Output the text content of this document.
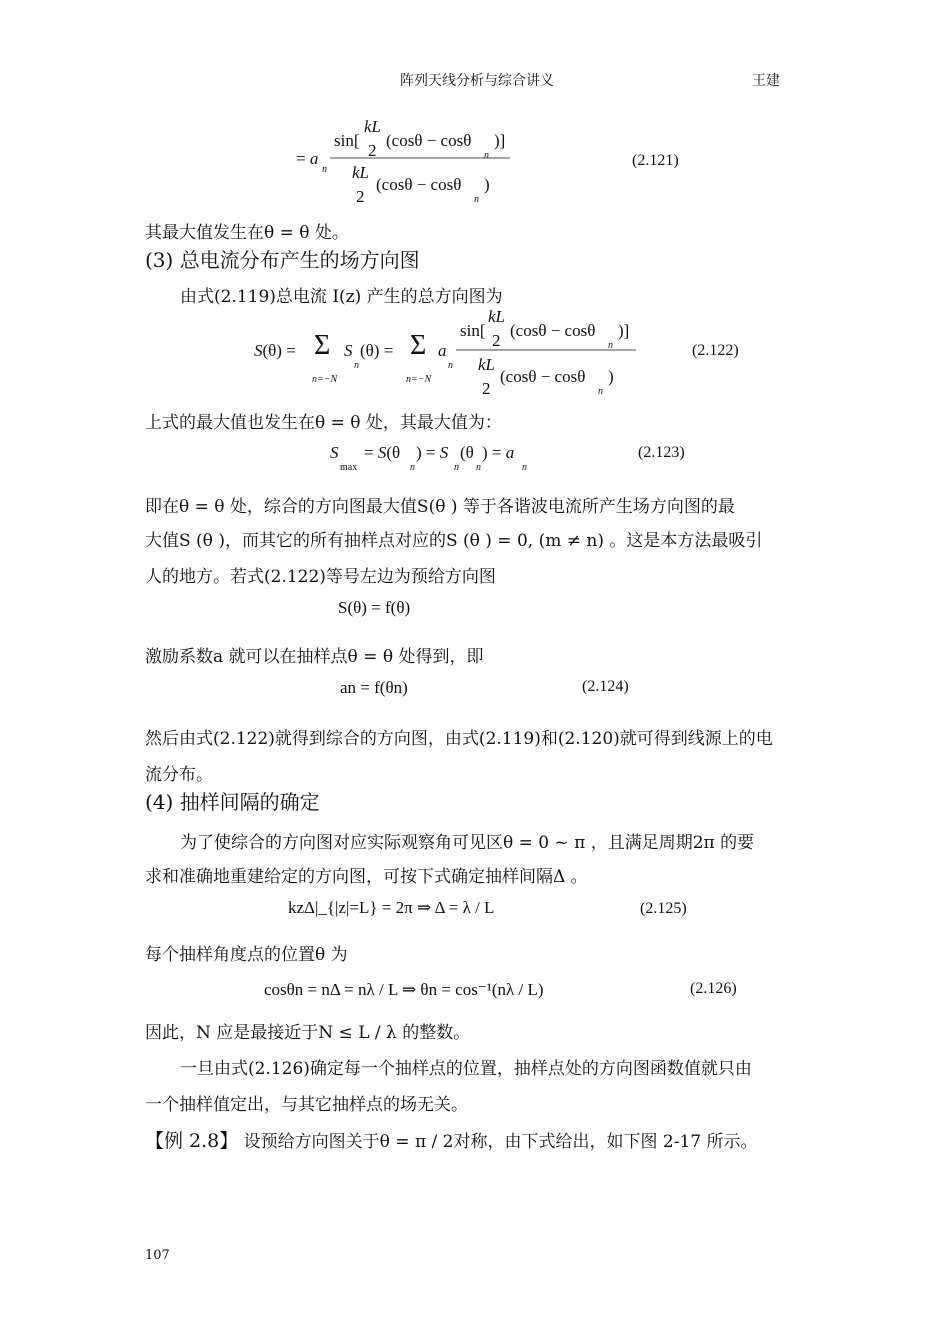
阵列天线分析与综合讲义	王建
= a
n
sin[
kL
2
(cosθ − cosθ
n
)]
kL
2
(cosθ − cosθ
n
)
(2.121)
其最大值发生在θ = θ 处。
(3) 总电流分布产生的场方向图
由式(2.119)总电流 I(z) 产生的总方向图为
S(θ) = Σ
n=−N
S
n
(θ) = Σ
n=−N
a
n
sin[
kL
2
(cosθ − cosθ
n
)]
kL
2
(cosθ − cosθ
n
)
(2.122)
上式的最大值也发生在θ = θ 处，其最大值为：
S
max
= S(θ
n
) = S
n
(θ
n
) = a
n
(2.123)
即在θ = θ 处，综合的方向图最大值S(θ ) 等于各谐波电流所产生场方向图的最
大值S (θ )，而其它的所有抽样点对应的S (θ ) = 0, (m ≠ n) 。这是本方法最吸引
人的地方。若式(2.122)等号左边为预给方向图
S(θ) = f(θ)
激励系数a 就可以在抽样点θ = θ 处得到，即
an = f(θn)	(2.124)
然后由式(2.122)就得到综合的方向图，由式(2.119)和(2.120)就可得到线源上的电
流分布。
(4) 抽样间隔的确定
为了使综合的方向图对应实际观察角可见区θ = 0 ~ π ，且满足周期2π 的要
求和准确地重建给定的方向图，可按下式确定抽样间隔Δ 。
kzΔ|_{|z|=L} = 2π ⇒ Δ = λ / L	(2.125)
每个抽样角度点的位置θ 为
cosθn = nΔ = nλ / L ⇒ θn = cos⁻¹(nλ / L)	(2.126)
因此，N 应是最接近于N ≤ L / λ 的整数。
一旦由式(2.126)确定每一个抽样点的位置，抽样点处的方向图函数值就只由
一个抽样值定出，与其它抽样点的场无关。
【例 2.8】 设预给方向图关于θ = π / 2对称，由下式给出，如下图 2-17 所示。
107
